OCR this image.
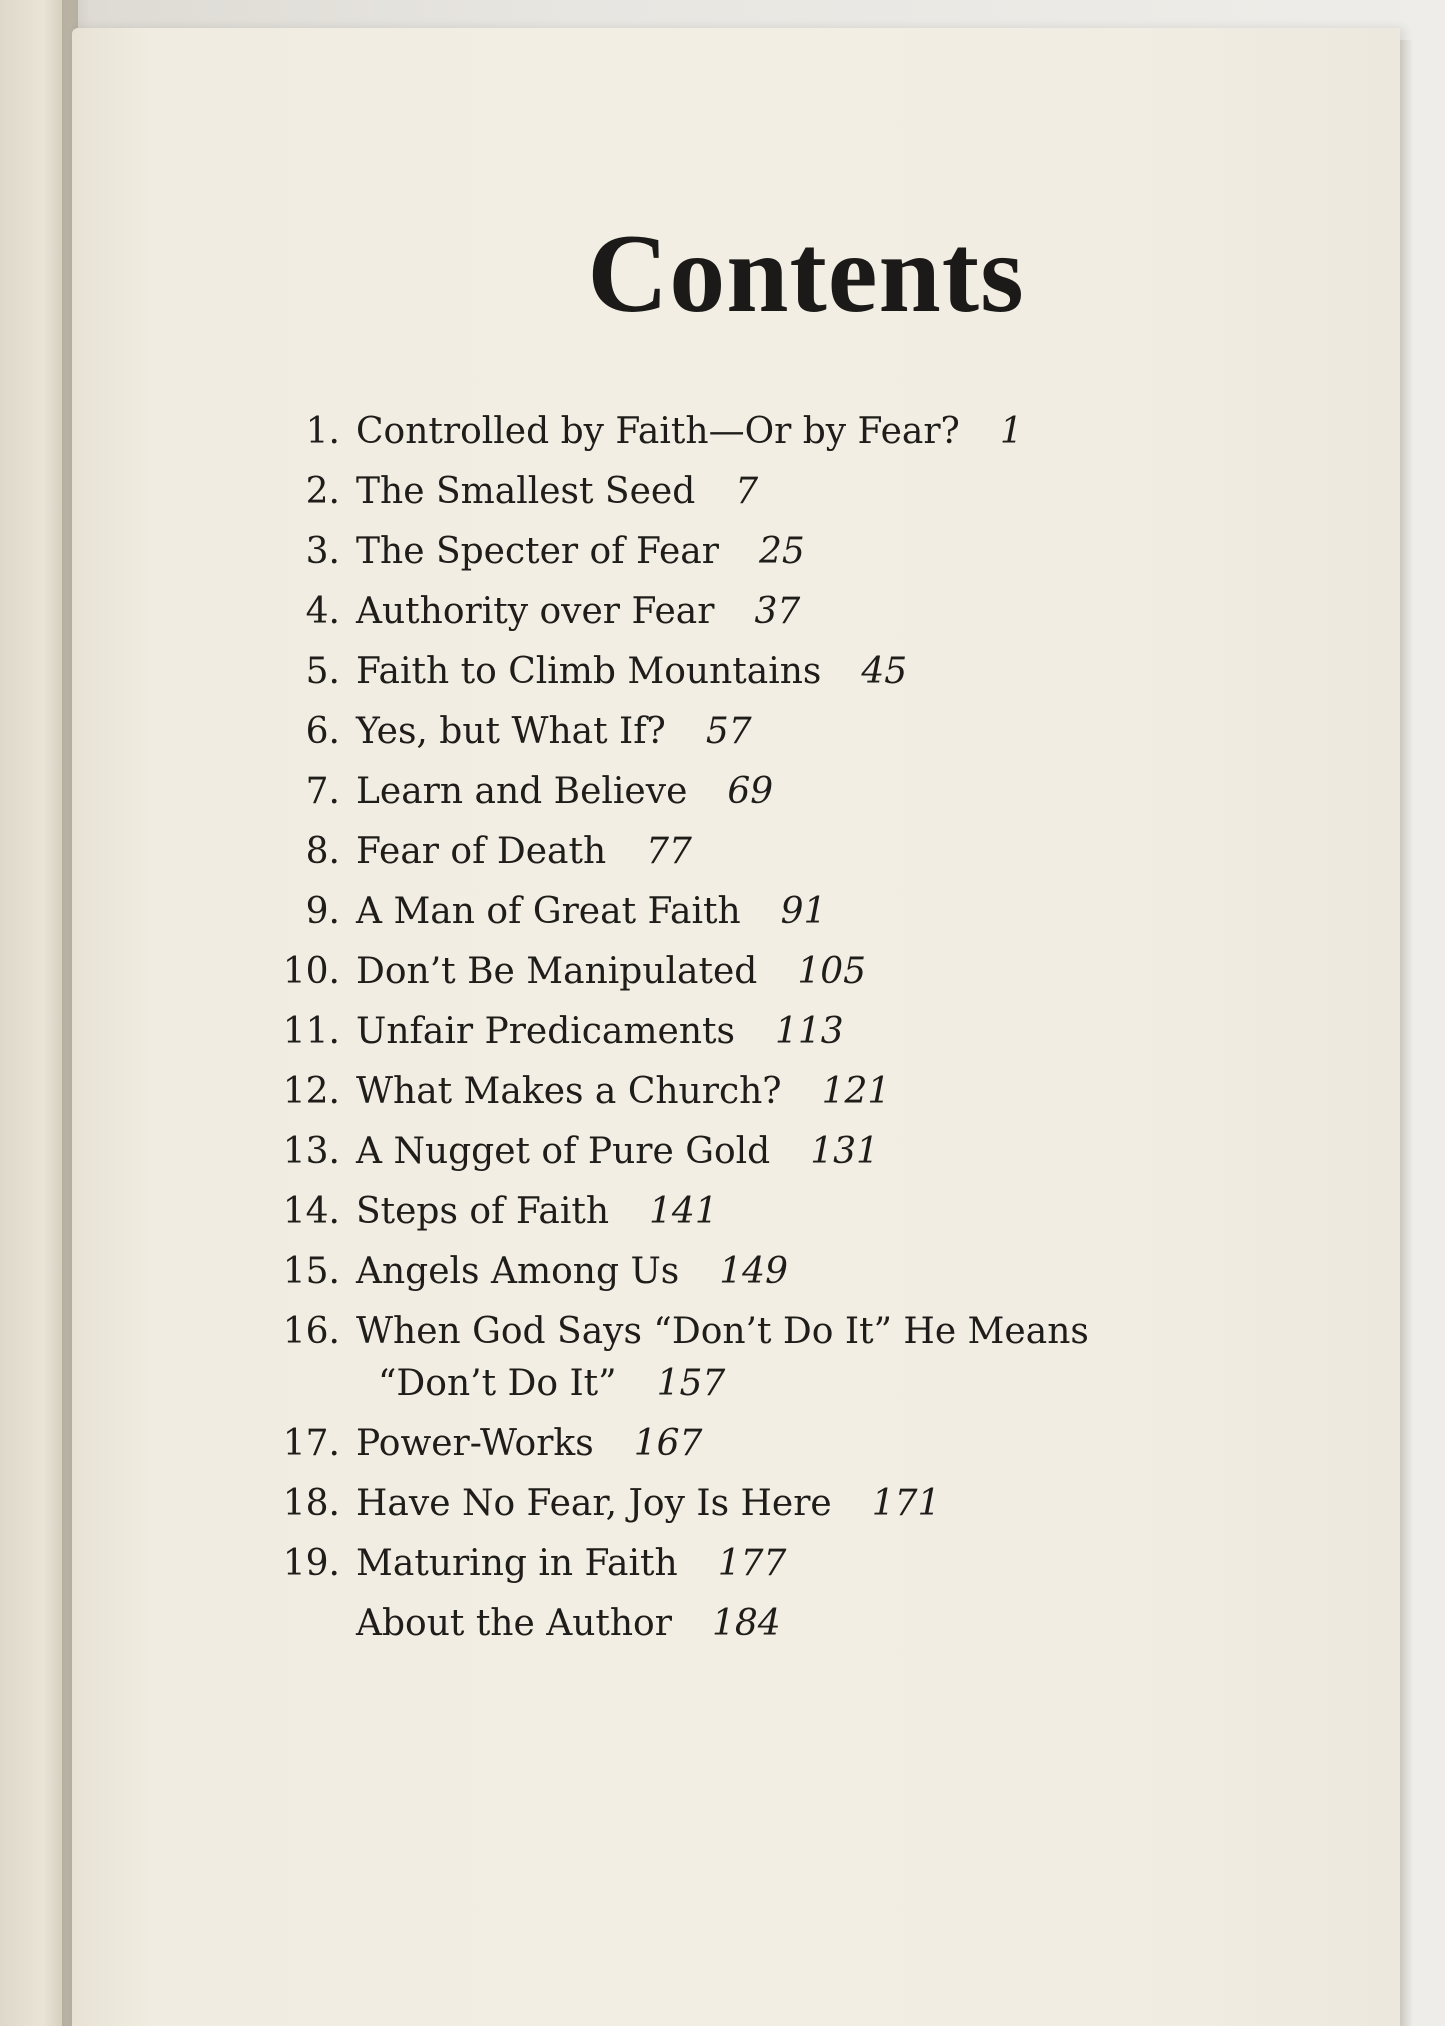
Contents
1. Controlled by Faith—Or by Fear? 1
2. The Smallest Seed 7
3. The Specter of Fear 25
4. Authority over Fear 37
5. Faith to Climb Mountains 45
6. Yes, but What If? 57
7. Learn and Believe 69
8. Fear of Death 77
9. A Man of Great Faith 91
10. Don’t Be Manipulated 105
11. Unfair Predicaments 113
12. What Makes a Church? 121
13. A Nugget of Pure Gold 131
14. Steps of Faith 141
15. Angels Among Us 149
16. When God Says “Don’t Do It” He Means
“Don’t Do It” 157
17. Power-Works 167
18. Have No Fear, Joy Is Here 171
19. Maturing in Faith 177
About the Author 184
